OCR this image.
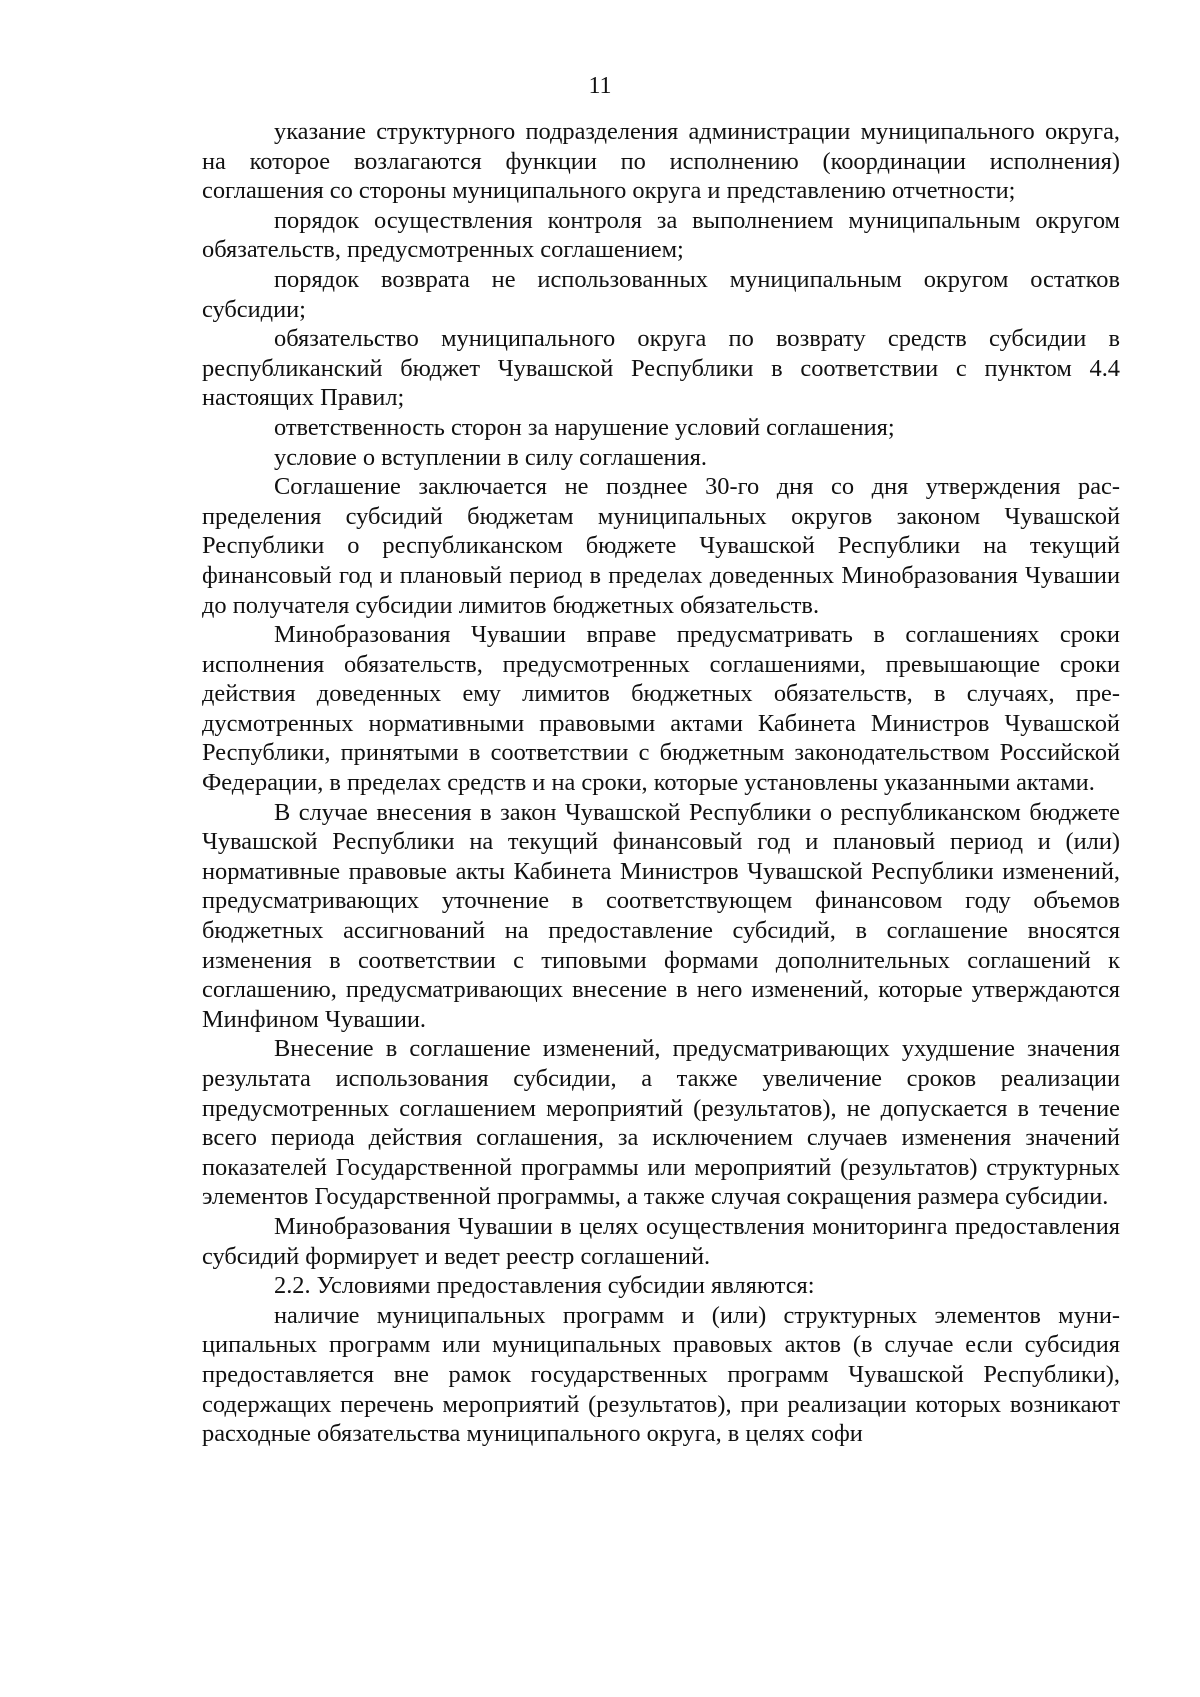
11

указание структурного подразделения администрации муниципального округа, на которое возлагаются функции по исполнению (координации исполнения) соглашения со стороны муниципального округа и представлению отчетности;

порядок осуществления контроля за выполнением муниципальным округом обязательств, предусмотренных соглашением;

порядок возврата не использованных муниципальным округом остатков субсидии;

обязательство муниципального округа по возврату средств субсидии в республиканский бюджет Чувашской Республики в соответствии с пунктом 4.4 настоящих Правил;

ответственность сторон за нарушение условий соглашения;

условие о вступлении в силу соглашения.

Соглашение заключается не позднее 30-го дня со дня утверждения распределения субсидий бюджетам муниципальных округов законом Чувашской Республики о республиканском бюджете Чувашской Республики на текущий финансовый год и плановый период в пределах доведенных Минобразования Чувашии до получателя субсидии лимитов бюджетных обязательств.

Минобразования Чувашии вправе предусматривать в соглашениях сроки исполнения обязательств, предусмотренных соглашениями, превышающие сроки действия доведенных ему лимитов бюджетных обязательств, в случаях, предусмотренных нормативными правовыми актами Кабинета Министров Чувашской Республики, принятыми в соответствии с бюджетным законодательством Российской Федерации, в пределах средств и на сроки, которые установлены указанными актами.

В случае внесения в закон Чувашской Республики о республиканском бюджете Чувашской Республики на текущий финансовый год и плановый период и (или) нормативные правовые акты Кабинета Министров Чувашской Республики изменений, предусматривающих уточнение в соответствующем финансовом году объемов бюджетных ассигнований на предоставление субсидий, в соглашение вносятся изменения в соответствии с типовыми формами дополнительных соглашений к соглашению, предусматривающих внесение в него изменений, которые утверждаются Минфином Чувашии.

Внесение в соглашение изменений, предусматривающих ухудшение значения результата использования субсидии, а также увеличение сроков реализации предусмотренных соглашением мероприятий (результатов), не допускается в течение всего периода действия соглашения, за исключением случаев изменения значений показателей Государственной программы или мероприятий (результатов) структурных элементов Государственной программы, а также случая сокращения размера субсидии.

Минобразования Чувашии в целях осуществления мониторинга предоставления субсидий формирует и ведет реестр соглашений.

2.2. Условиями предоставления субсидии являются:

наличие муниципальных программ и (или) структурных элементов муниципальных программ или муниципальных правовых актов (в случае если субсидия предоставляется вне рамок государственных программ Чувашской Республики), содержащих перечень мероприятий (результатов), при реализации которых возникают расходные обязательства муниципального округа, в целях софи
